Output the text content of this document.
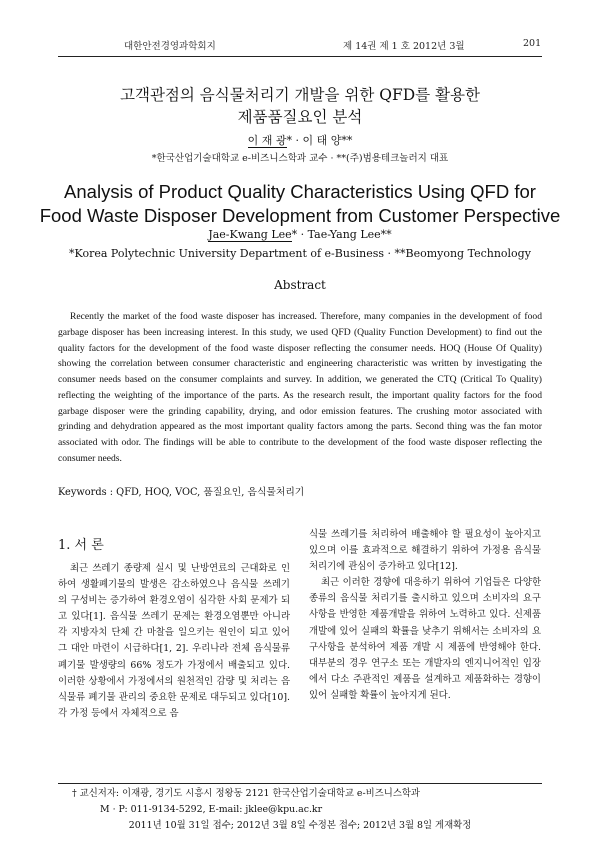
대한안전경영과학회지	제 14권 제 1 호 2012년 3월	201
고객관점의 음식물처리기 개발을 위한 QFD를 활용한
제품품질요인 분석
이 재 광* · 이 태 양**
*한국산업기술대학교 e-비즈니스학과 교수 · **(주)범용테크놀러지 대표
Analysis of Product Quality Characteristics Using QFD for
Food Waste Disposer Development from Customer Perspective
Jae-Kwang Lee* · Tae-Yang Lee**
*Korea Polytechnic University Department of e-Business · **Beomyong Technology
Abstract
Recently the market of the food waste disposer has increased. Therefore, many companies in the development of food garbage disposer has been increasing interest. In this study, we used QFD (Quality Function Development) to find out the quality factors for the development of the food waste disposer reflecting the consumer needs. HOQ (House Of Quality) showing the correlation between consumer characteristic and engineering characteristic was written by investigating the consumer needs based on the consumer complaints and survey. In addition, we generated the CTQ (Critical To Quality) reflecting the weighting of the importance of the parts. As the research result, the important quality factors for the food garbage disposer were the grinding capability, drying, and odor emission features. The crushing motor associated with grinding and dehydration appeared as the most important quality factors among the parts. Second thing was the fan motor associated with odor. The findings will be able to contribute to the development of the food waste disposer reflecting the consumer needs.
Keywords : QFD, HOQ, VOC, 품질요인, 음식물처리기
1. 서 론

최근 쓰레기 종량제 실시 및 난방연료의 근대화로 인하여 생활폐기물의 발생은 감소하였으나 음식물 쓰레기의 구성비는 증가하여 환경오염이 심각한 사회 문제가 되고 있다[1]. 음식물 쓰레기 문제는 환경오염뿐만 아니라 각 지방자치 단체 간 마찰을 일으키는 원인이 되고 있어 그 대안 마련이 시급하다[1, 2]. 우리나라 전체 음식물류 폐기물 발생량의 66% 정도가 가정에서 배출되고 있다. 이러한 상황에서 가정에서의 원천적인 감량 및 처리는 음식물류 폐기물 관리의 중요한 문제로 대두되고 있다[10]. 각 가정 등에서 자체적으로 음

식물 쓰레기를 처리하여 배출해야 할 필요성이 높아지고 있으며 이를 효과적으로 해결하기 위하여 가정용 음식물 처리기에 관심이 증가하고 있다[12].

최근 이러한 경향에 대응하기 위하여 기업들은 다양한 종류의 음식물 처리기를 출시하고 있으며 소비자의 요구사항을 반영한 제품개발을 위하여 노력하고 있다. 신제품 개발에 있어 실패의 확률을 낮추기 위해서는 소비자의 요구사항을 분석하여 제품 개발 시 제품에 반영해야 한다. 대부분의 경우 연구소 또는 개발자의 엔지니어적인 입장에서 다소 주관적인 제품을 설계하고 제품화하는 경향이 있어 실패할 확률이 높아지게 된다.

† 교신저자: 이재광, 경기도 시흥시 정왕동 2121 한국산업기술대학교 e-비즈니스학과
M · P: 011-9134-5292, E-mail: jklee@kpu.ac.kr
2011년 10월 31일 접수; 2012년 3월 8일 수정본 접수; 2012년 3월 8일 게재확정
